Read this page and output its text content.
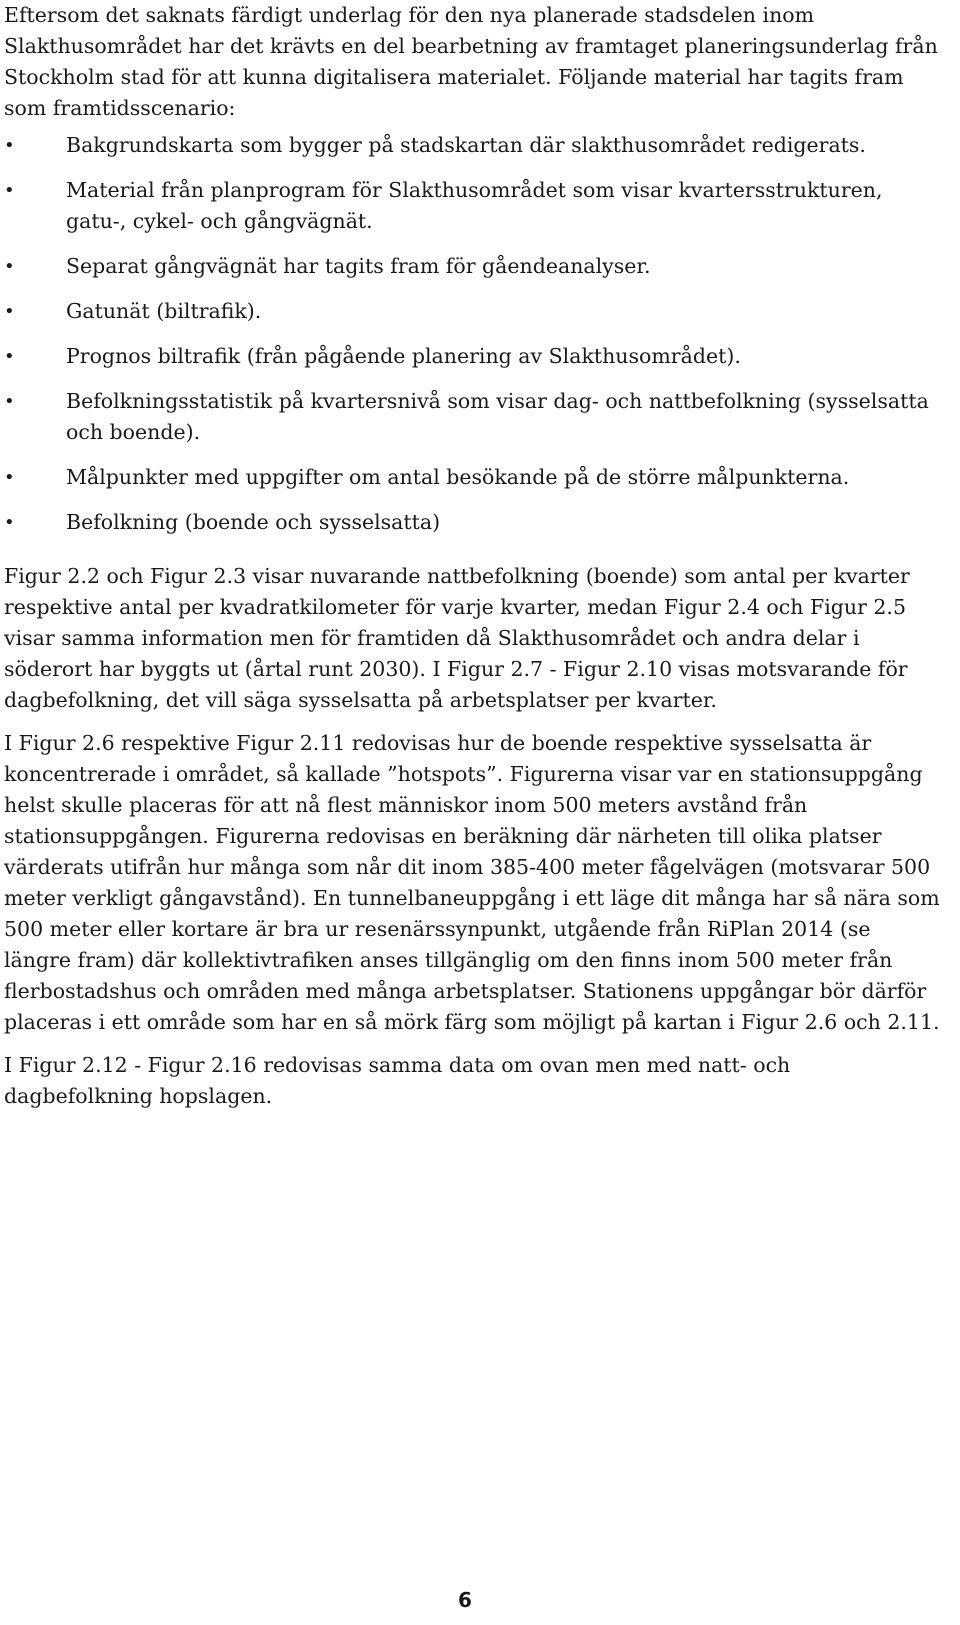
Eftersom det saknats färdigt underlag för den nya planerade stadsdelen inom Slakthusområdet har det krävts en del bearbetning av framtaget planeringsunderlag från Stockholm stad för att kunna digitalisera materialet. Följande material har tagits fram som framtidsscenario:

•	Bakgrundskarta som bygger på stadskartan där slakthusområdet redigerats.
•	Material från planprogram för Slakthusområdet som visar kvartersstrukturen, gatu-, cykel- och gångvägnät.
•	Separat gångvägnät har tagits fram för gåendeanalyser.
•	Gatunät (biltrafik).
•	Prognos biltrafik (från pågående planering av Slakthusområdet).
•	Befolkningsstatistik på kvartersnivå som visar dag- och nattbefolkning (sysselsatta och boende).
•	Målpunkter med uppgifter om antal besökande på de större målpunkterna.
•	Befolkning (boende och sysselsatta)

Figur 2.2 och Figur 2.3 visar nuvarande nattbefolkning (boende) som antal per kvarter respektive antal per kvadratkilometer för varje kvarter, medan Figur 2.4 och Figur 2.5 visar samma information men för framtiden då Slakthusområdet och andra delar i söderort har byggts ut (årtal runt 2030). I Figur 2.7 - Figur 2.10 visas motsvarande för dagbefolkning, det vill säga sysselsatta på arbetsplatser per kvarter.

I Figur 2.6 respektive Figur 2.11 redovisas hur de boende respektive sysselsatta är koncentrerade i området, så kallade ”hotspots”. Figurerna visar var en stationsuppgång helst skulle placeras för att nå flest människor inom 500 meters avstånd från stationsuppgången. Figurerna redovisas en beräkning där närheten till olika platser värderats utifrån hur många som når dit inom 385-400 meter fågelvägen (motsvarar 500 meter verkligt gångavstånd). En tunnelbaneuppgång i ett läge dit många har så nära som 500 meter eller kortare är bra ur resenärssynpunkt, utgående från RiPlan 2014 (se längre fram) där kollektivtrafiken anses tillgänglig om den finns inom 500 meter från flerbostadshus och områden med många arbetsplatser. Stationens uppgångar bör därför placeras i ett område som har en så mörk färg som möjligt på kartan i Figur 2.6 och 2.11.

I Figur 2.12 - Figur 2.16 redovisas samma data om ovan men med natt- och dagbefolkning hopslagen.

6
